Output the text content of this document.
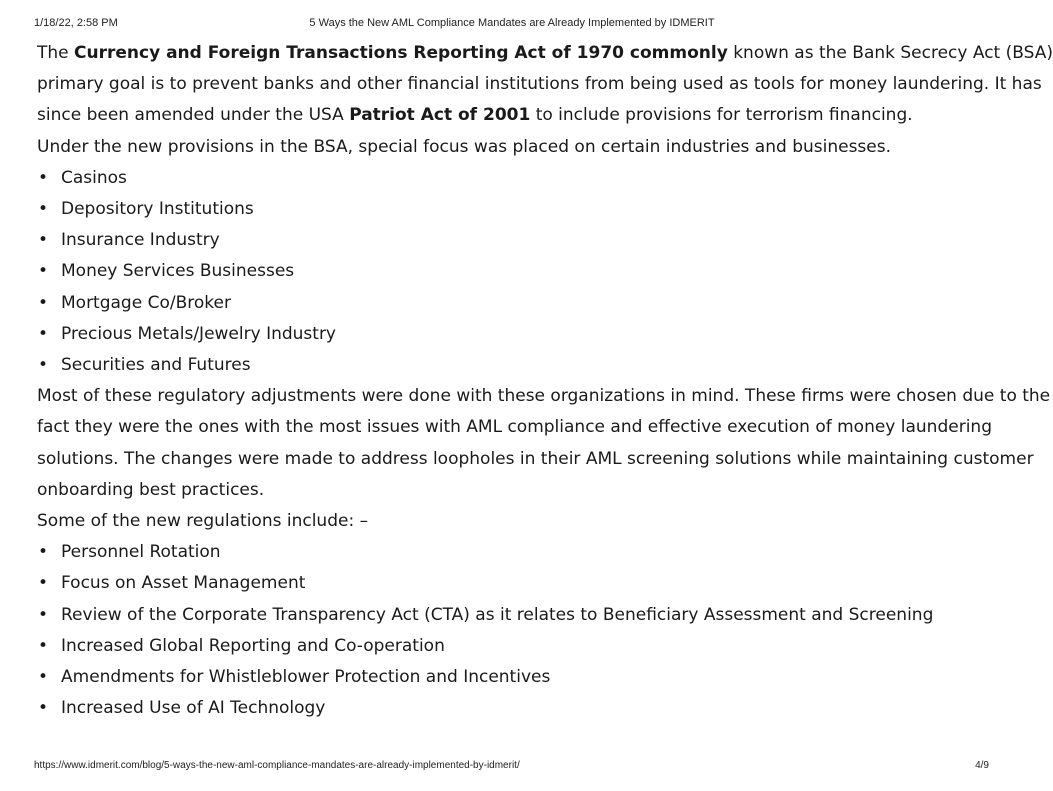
1/18/22, 2:58 PM	5 Ways the New AML Compliance Mandates are Already Implemented by IDMERIT

The Currency and Foreign Transactions Reporting Act of 1970 commonly known as the Bank Secrecy Act (BSA)
primary goal is to prevent banks and other financial institutions from being used as tools for money laundering. It has
since been amended under the USA Patriot Act of 2001 to include provisions for terrorism financing.

Under the new provisions in the BSA, special focus was placed on certain industries and businesses.

• Casinos
• Depository Institutions
• Insurance Industry
• Money Services Businesses
• Mortgage Co/Broker
• Precious Metals/Jewelry Industry
• Securities and Futures

Most of these regulatory adjustments were done with these organizations in mind. These firms were chosen due to the
fact they were the ones with the most issues with AML compliance and effective execution of money laundering
solutions. The changes were made to address loopholes in their AML screening solutions while maintaining customer
onboarding best practices.

Some of the new regulations include: –

• Personnel Rotation
• Focus on Asset Management
• Review of the Corporate Transparency Act (CTA) as it relates to Beneficiary Assessment and Screening
• Increased Global Reporting and Co-operation
• Amendments for Whistleblower Protection and Incentives
• Increased Use of AI Technology
https://www.idmerit.com/blog/5-ways-the-new-aml-compliance-mandates-are-already-implemented-by-idmerit/	4/9
